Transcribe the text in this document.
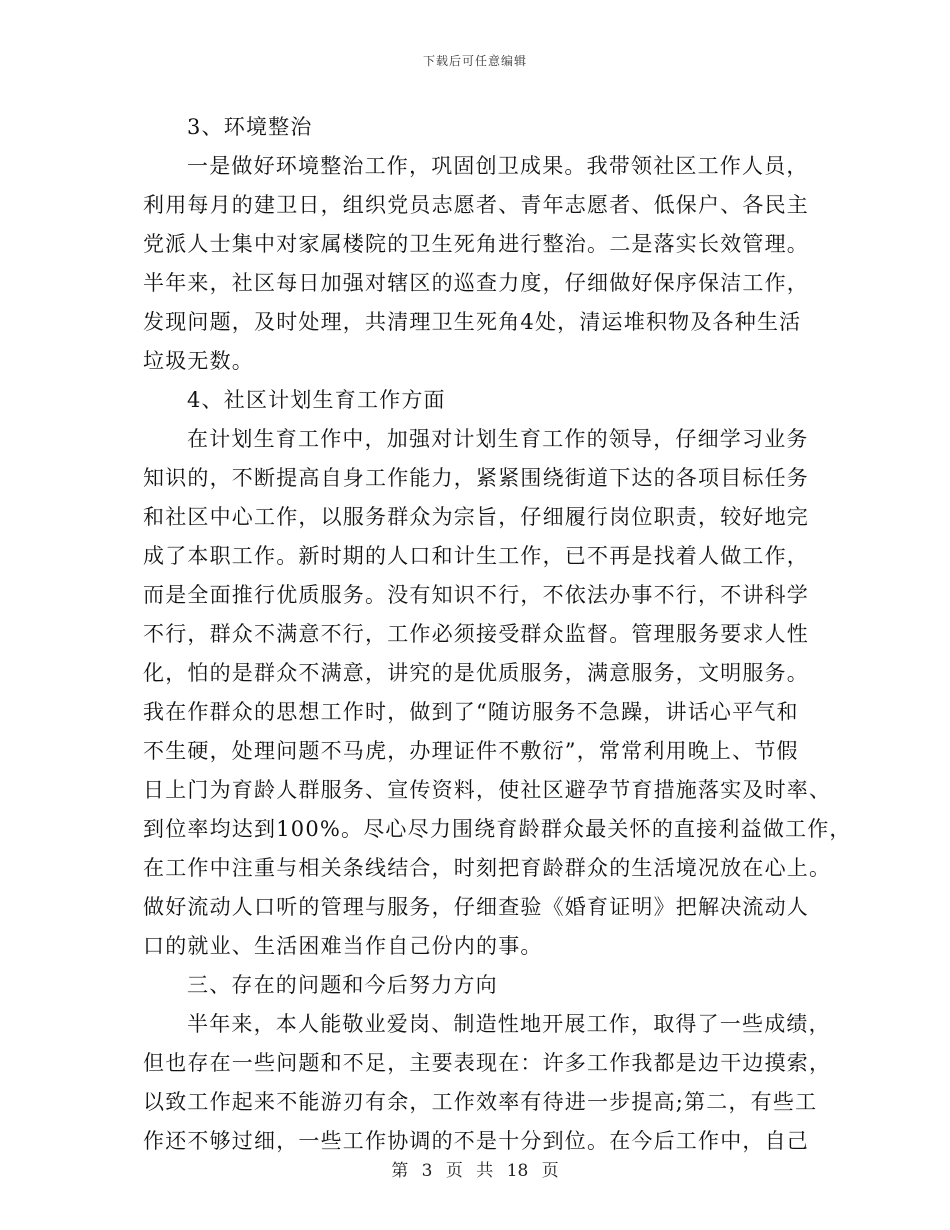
下载后可任意编辑
3、环境整治
一是做好环境整治工作，巩固创卫成果。我带领社区工作人员，
利用每月的建卫日，组织党员志愿者、青年志愿者、低保户、各民主
党派人士集中对家属楼院的卫生死角进行整治。二是落实长效管理。
半年来，社区每日加强对辖区的巡查力度，仔细做好保序保洁工作，
发现问题，及时处理，共清理卫生死角4处，清运堆积物及各种生活
垃圾无数。
4、社区计划生育工作方面
在计划生育工作中，加强对计划生育工作的领导，仔细学习业务
知识的，不断提高自身工作能力，紧紧围绕街道下达的各项目标任务
和社区中心工作，以服务群众为宗旨，仔细履行岗位职责，较好地完
成了本职工作。新时期的人口和计生工作，已不再是找着人做工作，
而是全面推行优质服务。没有知识不行，不依法办事不行，不讲科学
不行，群众不满意不行，工作必须接受群众监督。管理服务要求人性
化，怕的是群众不满意，讲究的是优质服务，满意服务，文明服务。
我在作群众的思想工作时，做到了“随访服务不急躁，讲话心平气和
不生硬，处理问题不马虎，办理证件不敷衍”，常常利用晚上、节假
日上门为育龄人群服务、宣传资料，使社区避孕节育措施落实及时率、
到位率均达到100%。尽心尽力围绕育龄群众最关怀的直接利益做工作，
在工作中注重与相关条线结合，时刻把育龄群众的生活境况放在心上。
做好流动人口听的管理与服务，仔细查验《婚育证明》把解决流动人
口的就业、生活困难当作自己份内的事。
三、存在的问题和今后努力方向
半年来，本人能敬业爱岗、制造性地开展工作，取得了一些成绩，
但也存在一些问题和不足，主要表现在：许多工作我都是边干边摸索，
以致工作起来不能游刃有余，工作效率有待进一步提高;第二，有些工
作还不够过细，一些工作协调的不是十分到位。在今后工作中，自己
第 3 页 共 18 页
